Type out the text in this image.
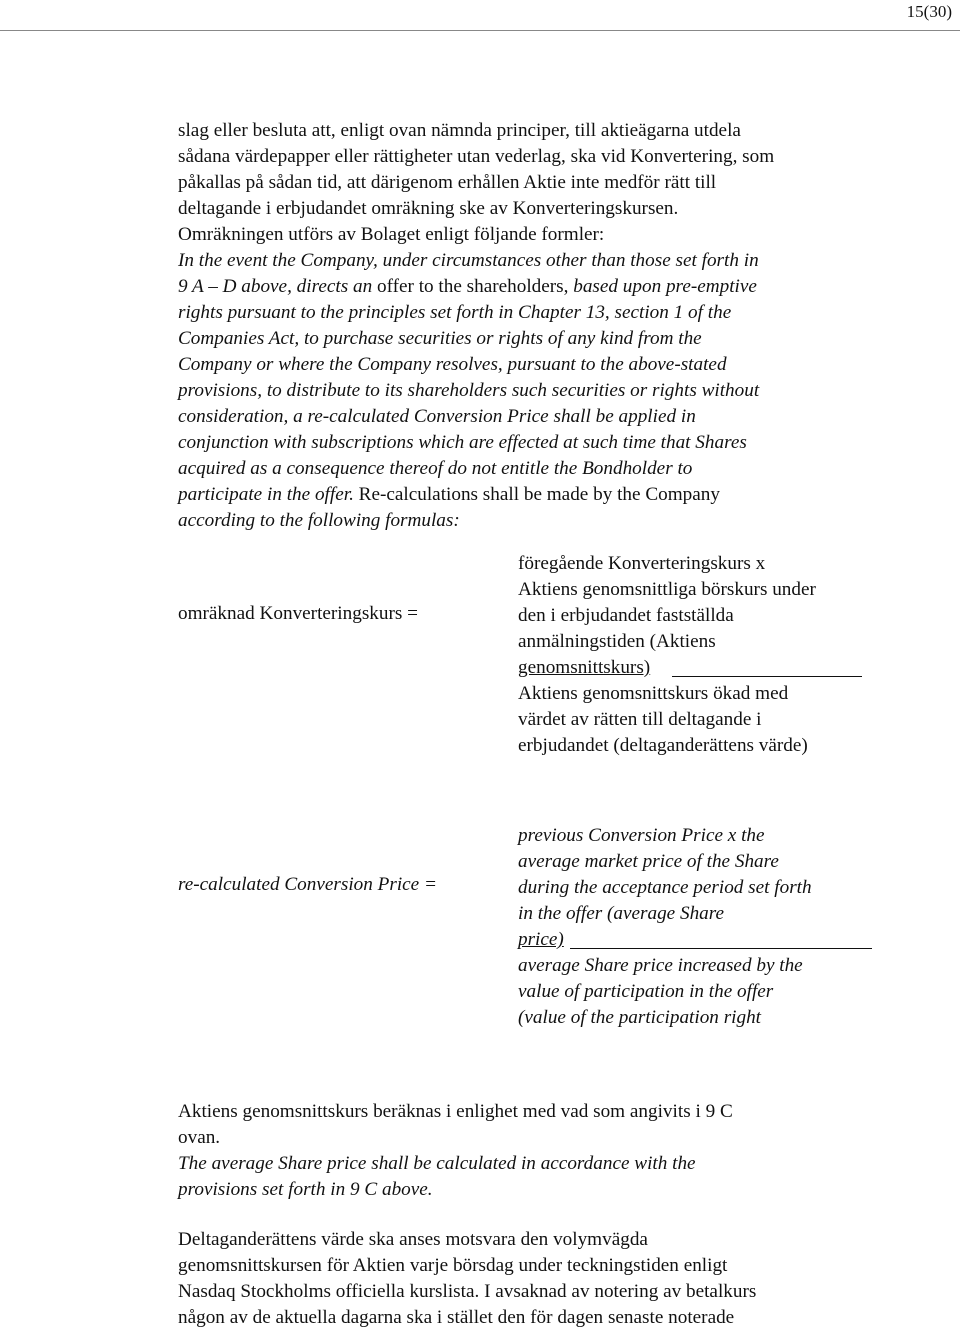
15(30)
slag eller besluta att, enligt ovan nämnda principer, till aktieägarna utdela
sådana värdepapper eller rättigheter utan vederlag, ska vid Konvertering, som
påkallas på sådan tid, att därigenom erhållen Aktie inte medför rätt till
deltagande i erbjudandet omräkning ske av Konverteringskursen.
Omräkningen utförs av Bolaget enligt följande formler:
In the event the Company, under circumstances other than those set forth in
9 A – D above, directs an offer to the shareholders, based upon pre-emptive
rights pursuant to the principles set forth in Chapter 13, section 1 of the
Companies Act, to purchase securities or rights of any kind from the
Company or where the Company resolves, pursuant to the above-stated
provisions, to distribute to its shareholders such securities or rights without
consideration, a re-calculated Conversion Price shall be applied in
conjunction with subscriptions which are effected at such time that Shares
acquired as a consequence thereof do not entitle the Bondholder to
participate in the offer. Re-calculations shall be made by the Company
according to the following formulas:
omräknad Konverteringskurs =
föregående Konverteringskurs x
Aktiens genomsnittliga börskurs under
den i erbjudandet fastställda
anmälningstiden (Aktiens
genomsnittskurs)
Aktiens genomsnittskurs ökad med
värdet av rätten till deltagande i
erbjudandet (deltaganderättens värde)
re-calculated Conversion Price =
previous Conversion Price x the
average market price of the Share
during the acceptance period set forth
in the offer (average Share
price)
average Share price increased by the
value of participation in the offer
(value of the participation right
Aktiens genomsnittskurs beräknas i enlighet med vad som angivits i 9 C
ovan.
The average Share price shall be calculated in accordance with the
provisions set forth in 9 C above.
Deltaganderättens värde ska anses motsvara den volymvägda
genomsnittskursen för Aktien varje börsdag under teckningstiden enligt
Nasdaq Stockholms officiella kurslista. I avsaknad av notering av betalkurs
någon av de aktuella dagarna ska i stället den för dagen senaste noterade
